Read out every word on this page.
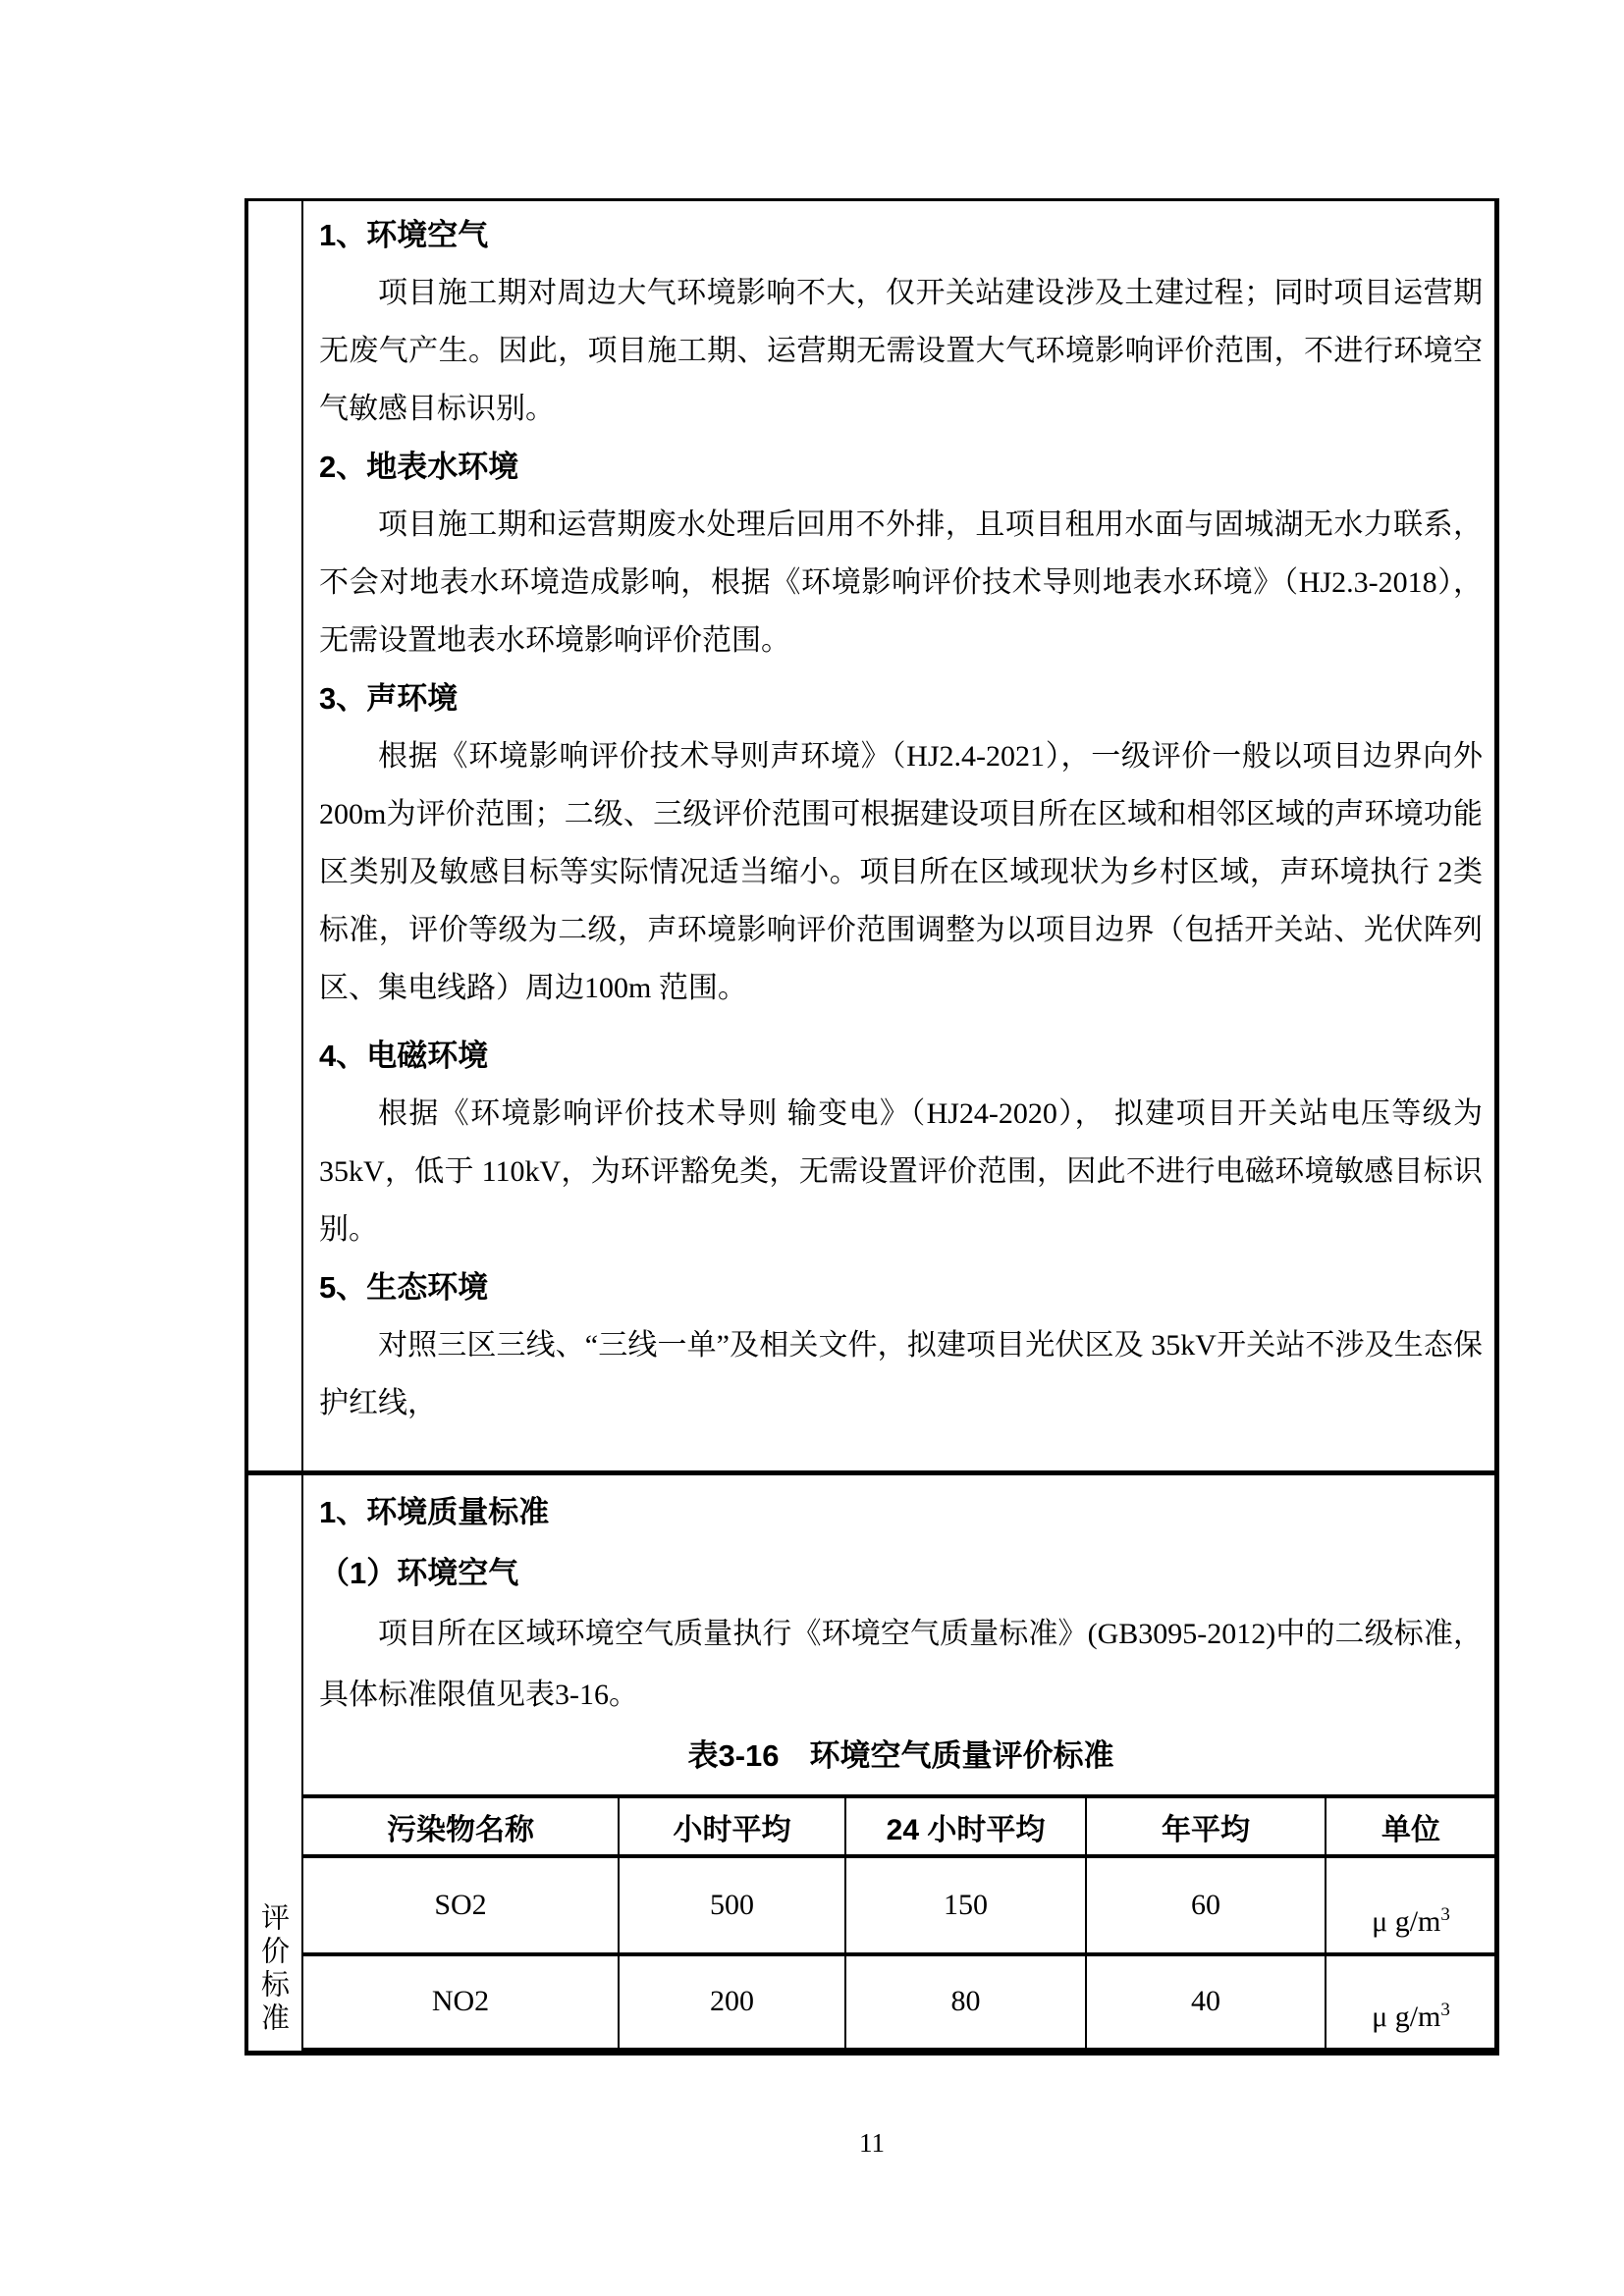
1、环境空气

项目施工期对周边大气环境影响不大，仅开关站建设涉及土建过程；同时项目运营期无废气产生。因此，项目施工期、运营期无需设置大气环境影响评价范围，不进行环境空气敏感目标识别。

2、地表水环境

项目施工期和运营期废水处理后回用不外排，且项目租用水面与固城湖无水力联系，不会对地表水环境造成影响，根据《环境影响评价技术导则地表水环境》（HJ2.3-2018），无需设置地表水环境影响评价范围。

3、声环境

根据《环境影响评价技术导则声环境》（HJ2.4-2021），一级评价一般以项目边界向外 200m为评价范围；二级、三级评价范围可根据建设项目所在区域和相邻区域的声环境功能区类别及敏感目标等实际情况适当缩小。项目所在区域现状为乡村区域，声环境执行 2类标准，评价等级为二级，声环境影响评价范围调整为以项目边界（包括开关站、光伏阵列区、集电线路）周边100m 范围。

4、电磁环境

根据《环境影响评价技术导则 输变电》（HJ24-2020）， 拟建项目开关站电压等级为35kV，低于 110kV，为环评豁免类，无需设置评价范围，因此不进行电磁环境敏感目标识别。

5、生态环境

对照三区三线、“三线一单”及相关文件，拟建项目光伏区及 35kV开关站不涉及生态保护红线，

评价标准
1、环境质量标准
（1）环境空气

项目所在区域环境空气质量执行《环境空气质量标准》(GB3095-2012)中的二级标准，具体标准限值见表3-16。

表3-16　环境空气质量评价标准
污染物名称	小时平均	24 小时平均	年平均	单位
SO2	500	150	60	μ $g/m^3$

NO2	200	80	40	μ $g/m^3$
11
